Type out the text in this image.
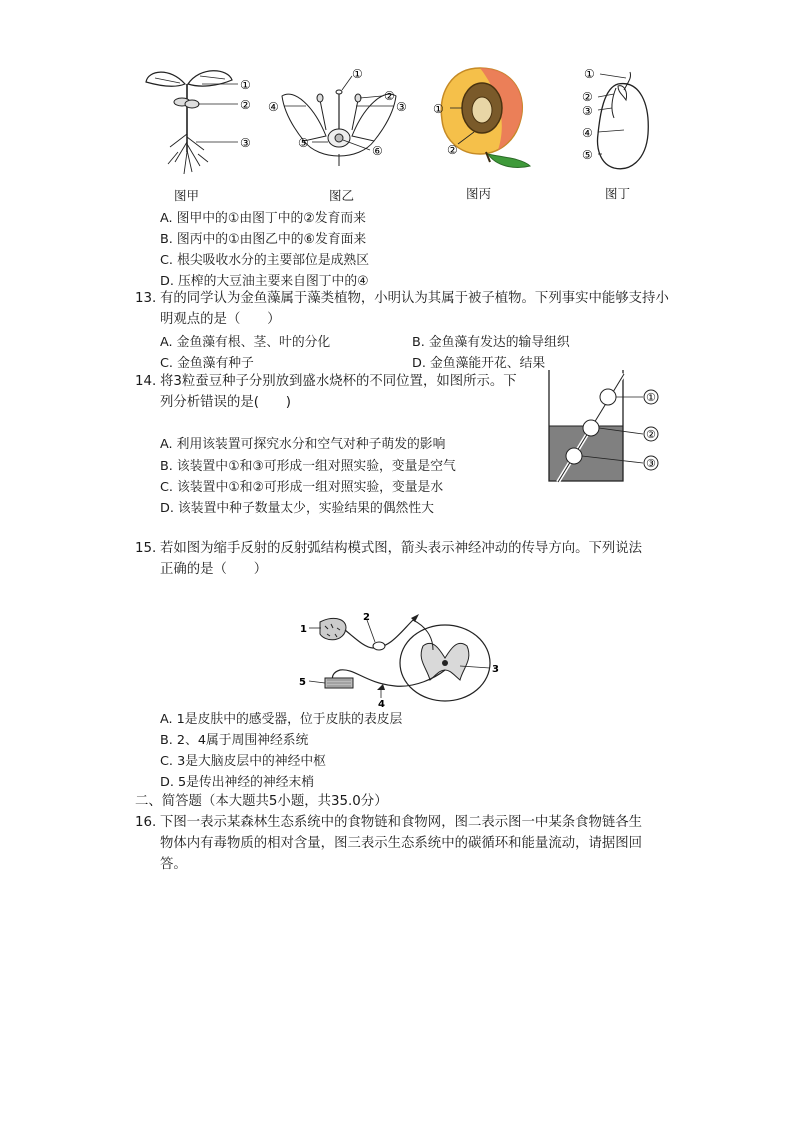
①
②
③
图甲
①
②
③
④
⑤
⑥
图乙
①
②
图丙
①
②
③
④
⑤
图丁
A. 图甲中的①由图丁中的②发育而来
B. 图丙中的①由图乙中的⑥发育面来
C. 根尖吸收水分的主要部位是成熟区
D. 压榨的大豆油主要来自图丁中的④
13. 有的同学认为金鱼藻属于藻类植物，小明认为其属于被子植物。下列事实中能够支持小明观点的是（　　）
A. 金鱼藻有根、茎、叶的分化	B. 金鱼藻有发达的输导组织
C. 金鱼藻有种子	D. 金鱼藻能开花、结果
14. 将3粒蚕豆种子分别放到盛水烧杯的不同位置，如图所示。下
列分析错误的是(　　)
A. 利用该装置可探究水分和空气对种子萌发的影响
B. 该装置中①和③可形成一组对照实验，变量是空气
C. 该装置中①和②可形成一组对照实验，变量是水
D. 该装置中种子数量太少，实验结果的偶然性大
①
②
③
15. 若如图为缩手反射的反射弧结构模式图，箭头表示神经冲动的传导方向。下列说法
正确的是（　　）
1
2
3
4
5
A. 1是皮肤中的感受器，位于皮肤的表皮层
B. 2、4属于周围神经系统
C. 3是大脑皮层中的神经中枢
D. 5是传出神经的神经末梢
二、简答题（本大题共5小题，共35.0分）
16. 下图一表示某森林生态系统中的食物链和食物网，图二表示图一中某条食物链各生
物体内有毒物质的相对含量，图三表示生态系统中的碳循环和能量流动，请据图回
答。
